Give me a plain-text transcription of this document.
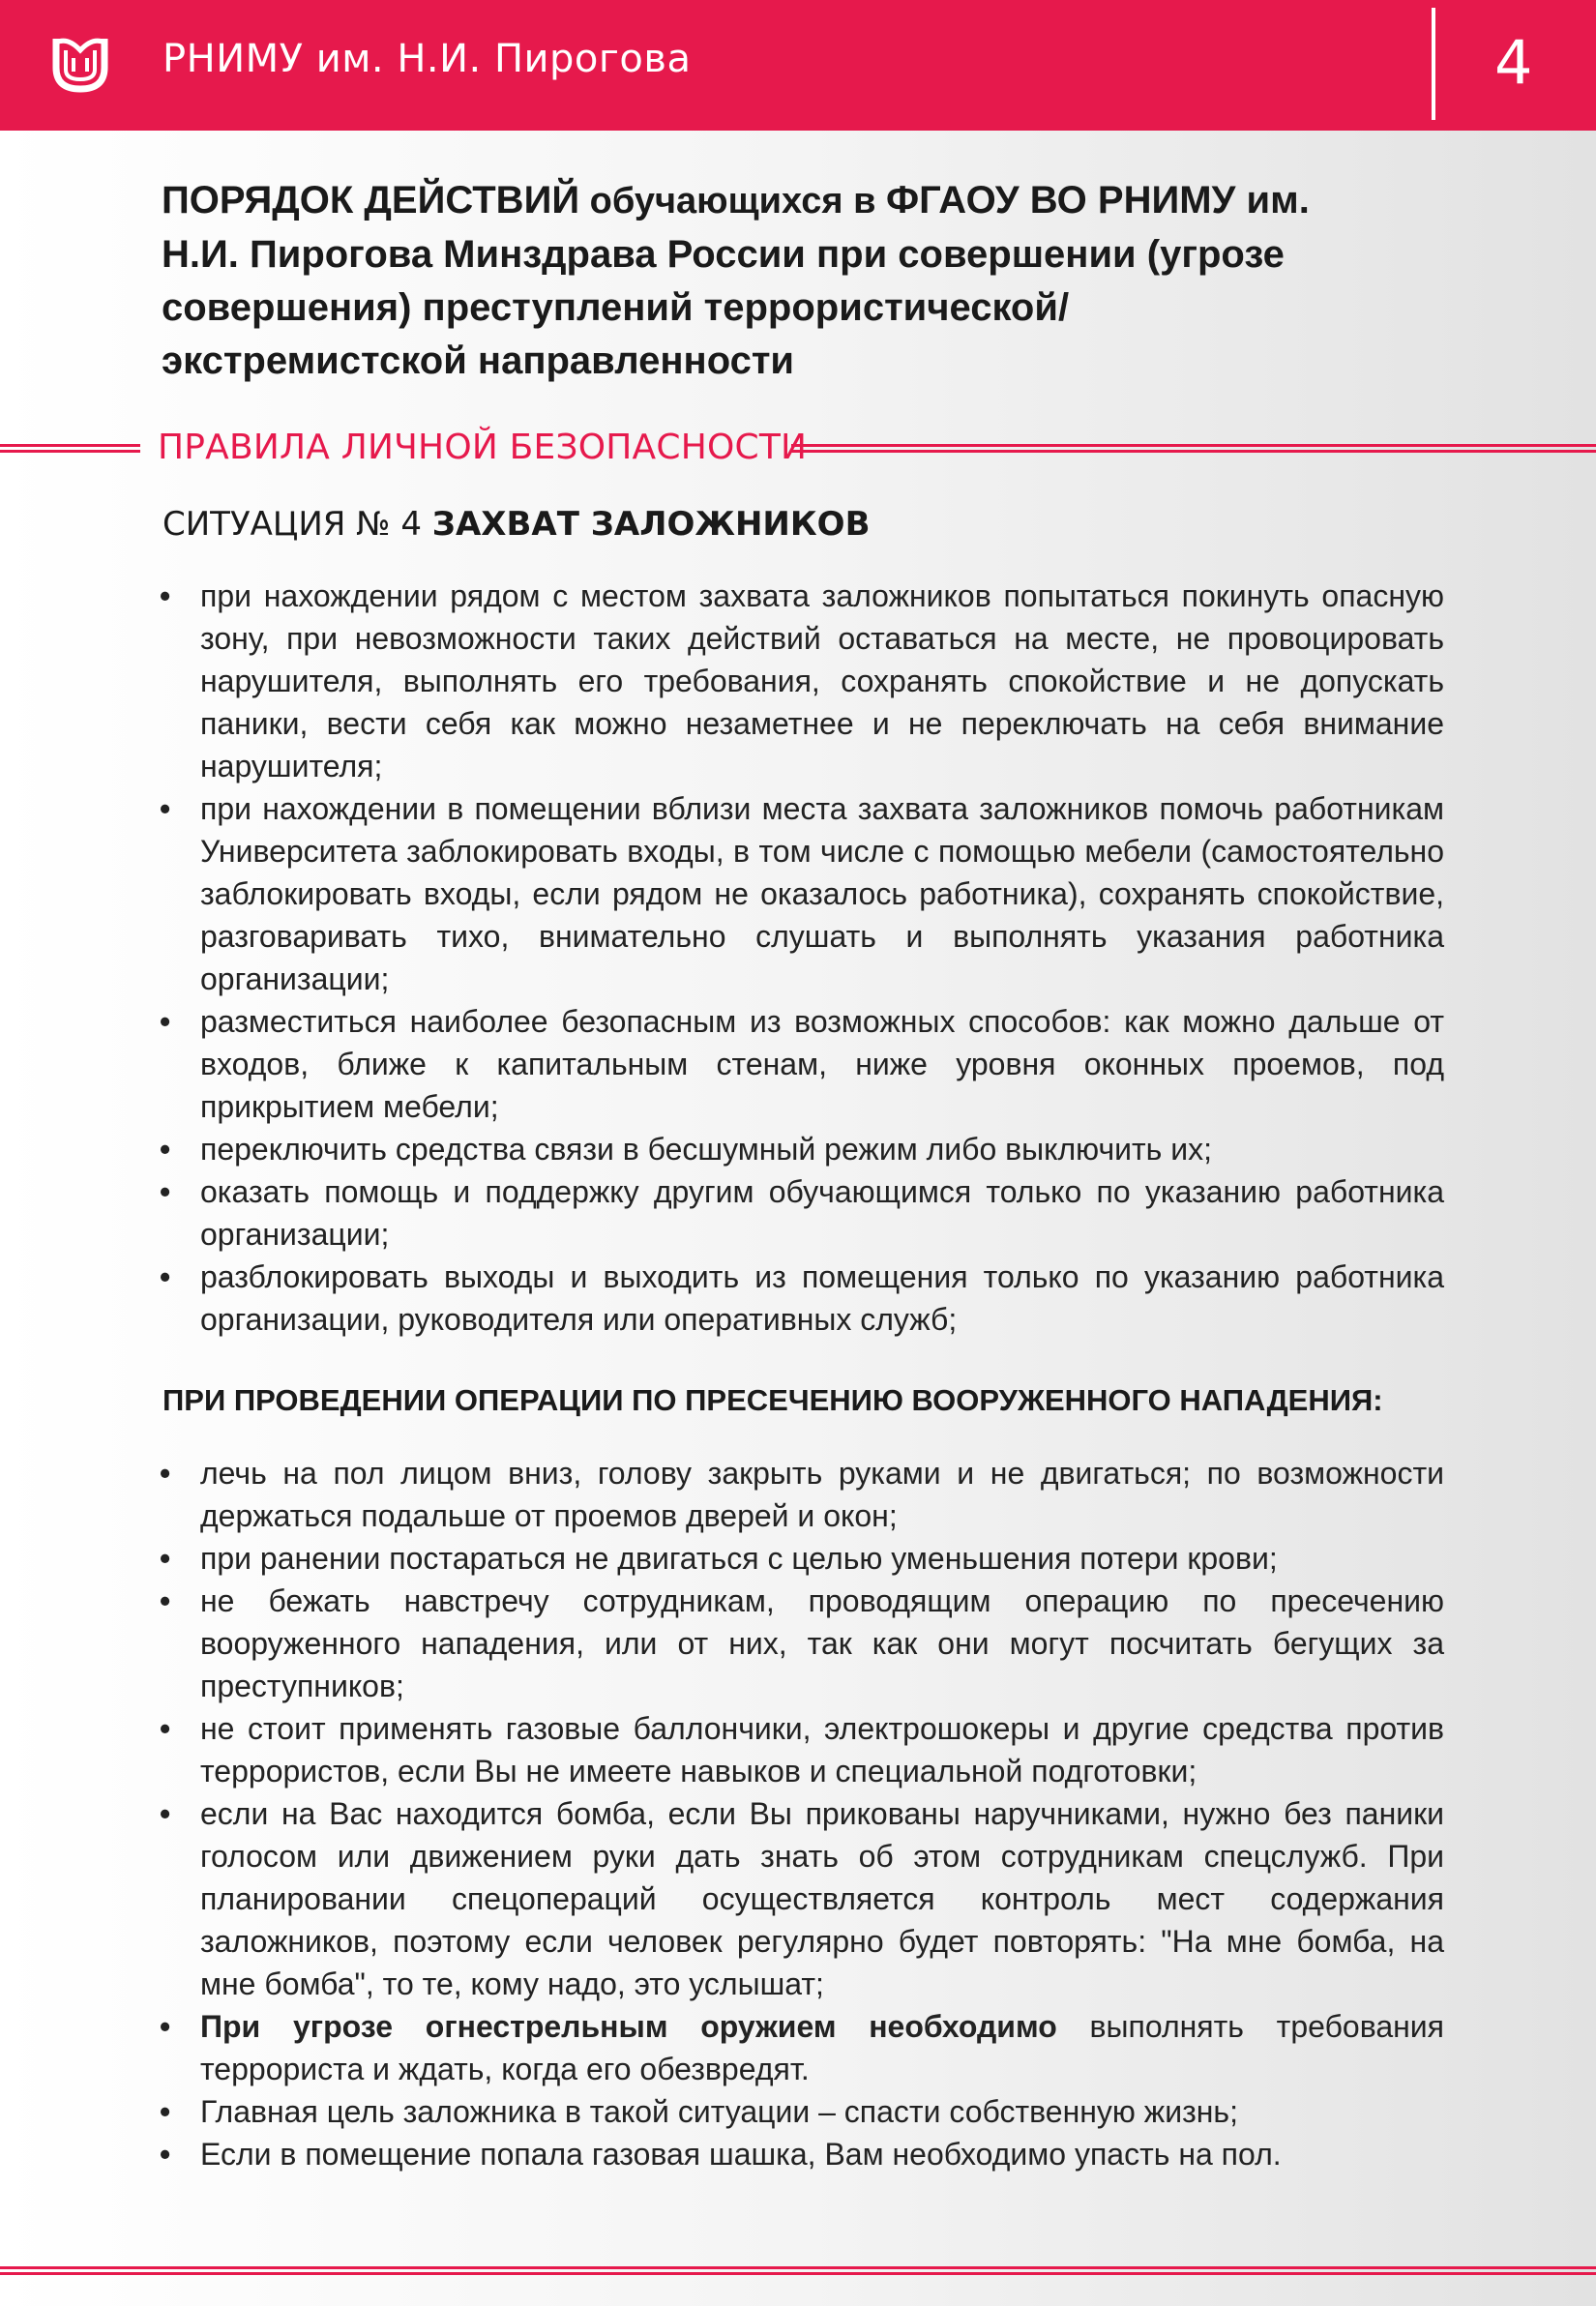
РНИМУ им. Н.И. Пирогова	4
ПОРЯДОК ДЕЙСТВИЙ обучающихся в ФГАОУ ВО РНИМУ им. Н.И. Пирогова Минздрава России при совершении (угрозе совершения) преступлений террористической/ экстремистской направленности
ПРАВИЛА ЛИЧНОЙ БЕЗОПАСНОСТИ
СИТУАЦИЯ № 4 ЗАХВАТ ЗАЛОЖНИКОВ
• при нахождении рядом с местом захвата заложников попытаться покинуть опасную зону, при невозможности таких действий оставаться на месте, не провоцировать нарушителя, выполнять его требования, сохранять спокойствие и не допускать паники, вести себя как можно незаметнее и не переключать на себя внимание нарушителя;
• при нахождении в помещении вблизи места захвата заложников помочь работникам Университета заблокировать входы, в том числе с помощью мебели (самостоятельно заблокировать входы, если рядом не оказалось работника), сохранять спокойствие, разговаривать тихо, внимательно слушать и выполнять указания работника организации;
• разместиться наиболее безопасным из возможных способов: как можно дальше от входов, ближе к капитальным стенам, ниже уровня оконных проемов, под прикрытием мебели;
• переключить средства связи в бесшумный режим либо выключить их;
• оказать помощь и поддержку другим обучающимся только по указанию работника организации;
• разблокировать выходы и выходить из помещения только по указанию работника организации, руководителя или оперативных служб;
ПРИ ПРОВЕДЕНИИ ОПЕРАЦИИ ПО ПРЕСЕЧЕНИЮ ВООРУЖЕННОГО НАПАДЕНИЯ:
• лечь на пол лицом вниз, голову закрыть руками и не двигаться; по возможности держаться подальше от проемов дверей и окон;
• при ранении постараться не двигаться с целью уменьшения потери крови;
• не бежать навстречу сотрудникам, проводящим операцию по пресечению вооруженного нападения, или от них, так как они могут посчитать бегущих за преступников;
• не стоит применять газовые баллончики, электрошокеры и другие средства против террористов, если Вы не имеете навыков и специальной подготовки;
• если на Вас находится бомба, если Вы прикованы наручниками, нужно без паники голосом или движением руки дать знать об этом сотрудникам спецслужб. При планировании спецопераций осуществляется контроль мест содержания заложников, поэтому если человек регулярно будет повторять: "На мне бомба, на мне бомба", то те, кому надо, это услышат;
• При угрозе огнестрельным оружием необходимо выполнять требования террориста и ждать, когда его обезвредят.
• Главная цель заложника в такой ситуации – спасти собственную жизнь;
• Если в помещение попала газовая шашка, Вам необходимо упасть на пол.
